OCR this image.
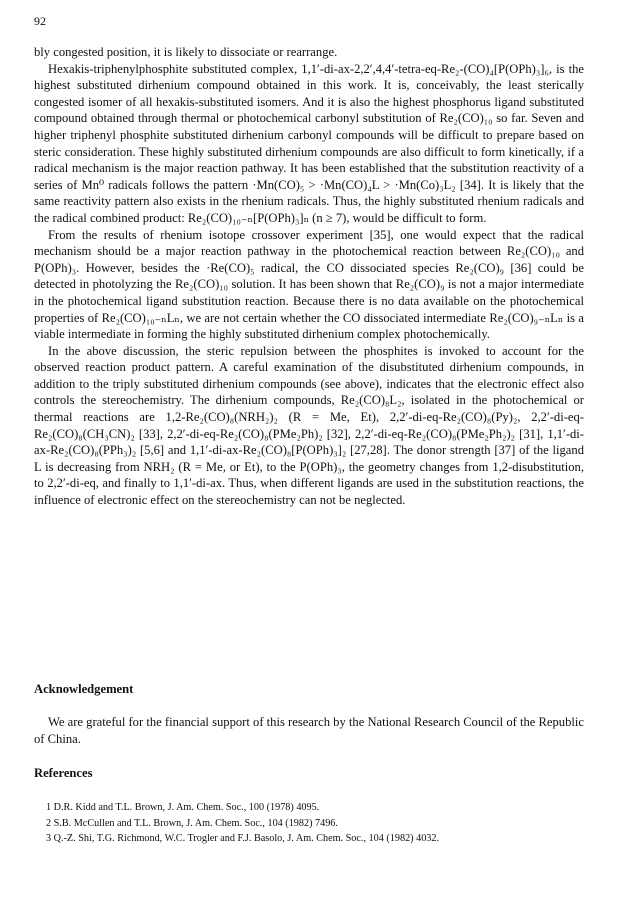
92

bly congested position, it is likely to dissociate or rearrange.

Hexakis-triphenylphosphite substituted complex, 1,1′-di-ax-2,2′,4,4′-tetra-eq-Re₂-(CO)₄[P(OPh)₃]₆, is the highest substituted dirhenium compound obtained in this work. It is, conceivably, the least sterically congested isomer of all hexakis-substituted isomers. And it is also the highest phosphorus ligand substituted compound obtained through thermal or photochemical carbonyl substitution of Re₂(CO)₁₀ so far. Seven and higher triphenyl phosphite substituted dirhenium carbonyl compounds will be difficult to prepare based on steric consideration. These highly substituted dirhenium compounds are also difficult to form kinetically, if a radical mechanism is the major reaction pathway. It has been established that the substitution reactivity of a series of Mn⁰ radicals follows the pattern ·Mn(CO)₅ > ·Mn(CO)₄L > ·Mn(Co)₃L₂ [34]. It is likely that the same reactivity pattern also exists in the rhenium radicals. Thus, the highly substituted rhenium radicals and the radical combined product: Re₂(CO)₁₀₋ₙ[P(OPh)₃]ₙ (n ≥ 7), would be difficult to form.

From the results of rhenium isotope crossover experiment [35], one would expect that the radical mechanism should be a major reaction pathway in the photochemical reaction between Re₂(CO)₁₀ and P(OPh)₃. However, besides the ·Re(CO)₅ radical, the CO dissociated species Re₂(CO)₉ [36] could be detected in photolyzing the Re₂(CO)₁₀ solution. It has been shown that Re₂(CO)₉ is not a major intermediate in the photochemical ligand substitution reaction. Because there is no data available on the photochemical properties of Re₂(CO)₁₀₋ₙLₙ, we are not certain whether the CO dissociated intermediate Re₂(CO)₉₋ₙLₙ is a viable intermediate in forming the highly substituted dirhenium complex photochemically.

In the above discussion, the steric repulsion between the phosphites is invoked to account for the observed reaction product pattern. A careful examination of the disubstituted dirhenium compounds, in addition to the triply substituted dirhenium compounds (see above), indicates that the electronic effect also controls the stereochemistry. The dirhenium compounds, Re₂(CO)₈L₂, isolated in the photochemical or thermal reactions are 1,2-Re₂(CO)₈(NRH₂)₂ (R = Me, Et), 2,2′-di-eq-Re₂(CO)₈(Py)₂, 2,2′-di-eq-Re₂(CO)₈(CH₃CN)₂ [33], 2,2′-di-eq-Re₂(CO)₈(PMe₂Ph)₂ [32], 2,2′-di-eq-Re₂(CO)₈(PMe₂Ph₂)₂ [31], 1,1′-di-ax-Re₂(CO)₈(PPh₃)₂ [5,6] and 1,1′-di-ax-Re₂(CO)₈[P(OPh)₃]₂ [27,28]. The donor strength [37] of the ligand L is decreasing from NRH₂ (R = Me, or Et), to the P(OPh)₃, the geometry changes from 1,2-disubstitution, to 2,2′-di-eq, and finally to 1,1′-di-ax. Thus, when different ligands are used in the substitution reactions, the influence of electronic effect on the stereochemistry can not be neglected.

Acknowledgement
We are grateful for the financial support of this research by the National Research Council of the Republic of China.
References
1 D.R. Kidd and T.L. Brown, J. Am. Chem. Soc., 100 (1978) 4095.
2 S.B. McCullen and T.L. Brown, J. Am. Chem. Soc., 104 (1982) 7496.
3 Q.-Z. Shi, T.G. Richmond, W.C. Trogler and F.J. Basolo, J. Am. Chem. Soc., 104 (1982) 4032.
